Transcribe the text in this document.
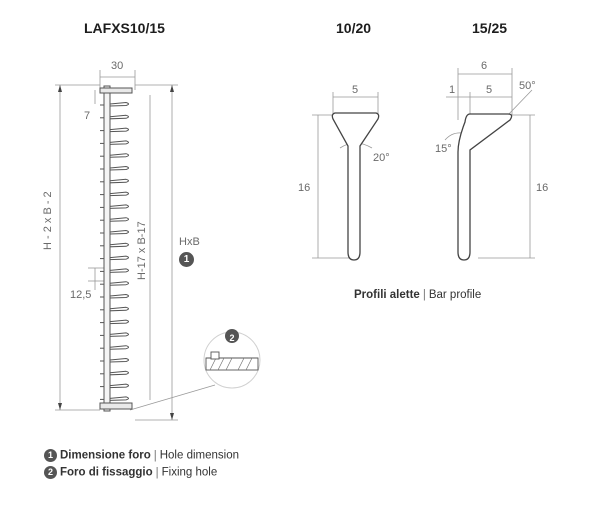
LAFXS10/15	10/20	15/25
30
7
12,5
H - 2 x B - 2
H-17 x B-17	HxB
1
2
5
20°
16
6
1	5 50°
15°
16
Profili alette | Bar profile
1 Dimensione foro | Hole dimension
2 Foro di fissaggio | Fixing hole
